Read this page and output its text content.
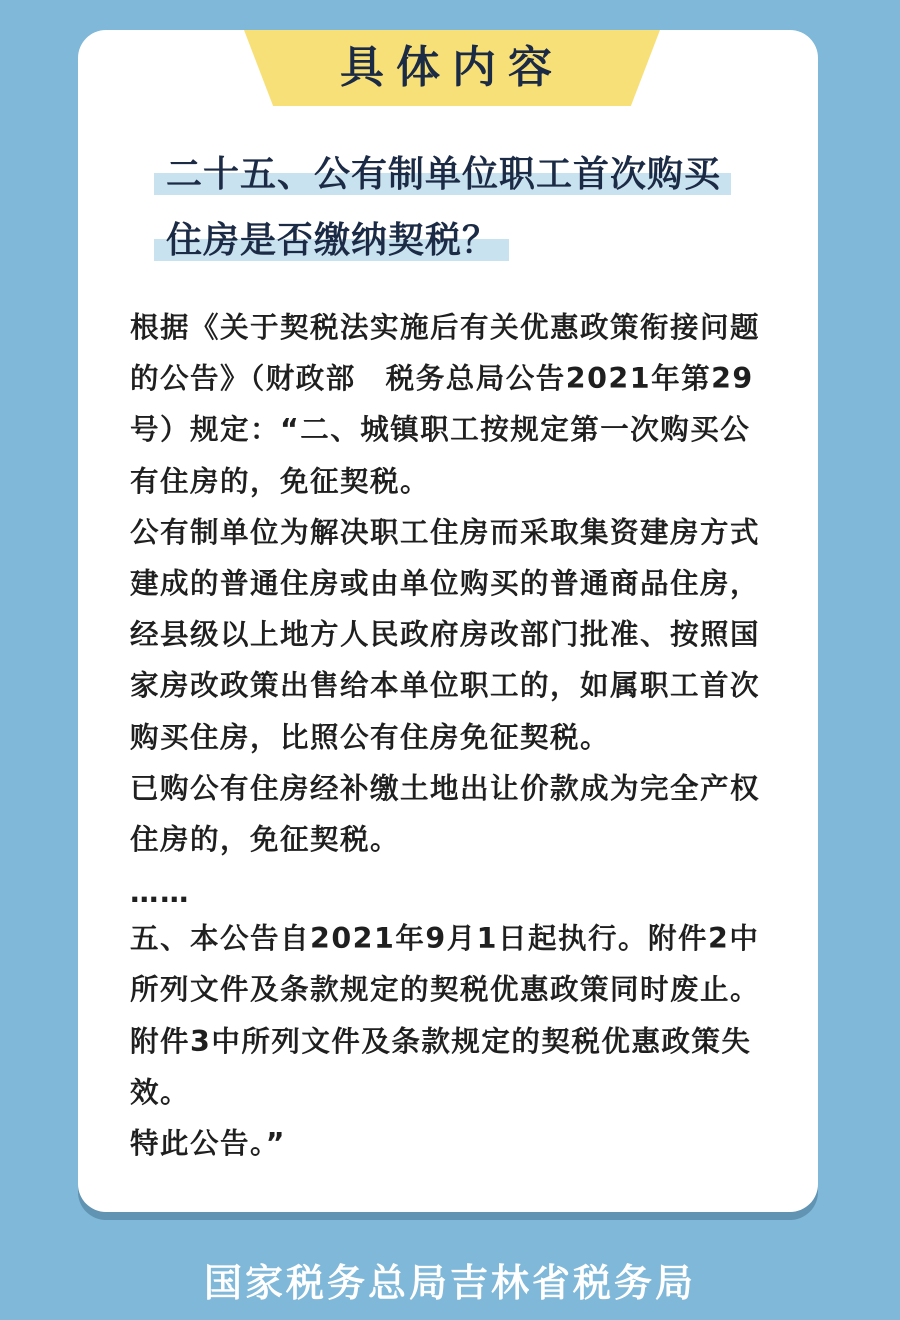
具体内容
二十五、公有制单位职工首次购买
住房是否缴纳契税？

根据《关于契税法实施后有关优惠政策衔接问题的公告》（财政部　税务总局公告2021年第29号）规定：“二、城镇职工按规定第一次购买公有住房的，免征契税。

公有制单位为解决职工住房而采取集资建房方式建成的普通住房或由单位购买的普通商品住房，经县级以上地方人民政府房改部门批准、按照国家房改政策出售给本单位职工的，如属职工首次购买住房，比照公有住房免征契税。

已购公有住房经补缴土地出让价款成为完全产权住房的，免征契税。

……

五、本公告自2021年9月1日起执行。附件2中所列文件及条款规定的契税优惠政策同时废止。附件3中所列文件及条款规定的契税优惠政策失效。

特此公告。”

国家税务总局吉林省税务局
